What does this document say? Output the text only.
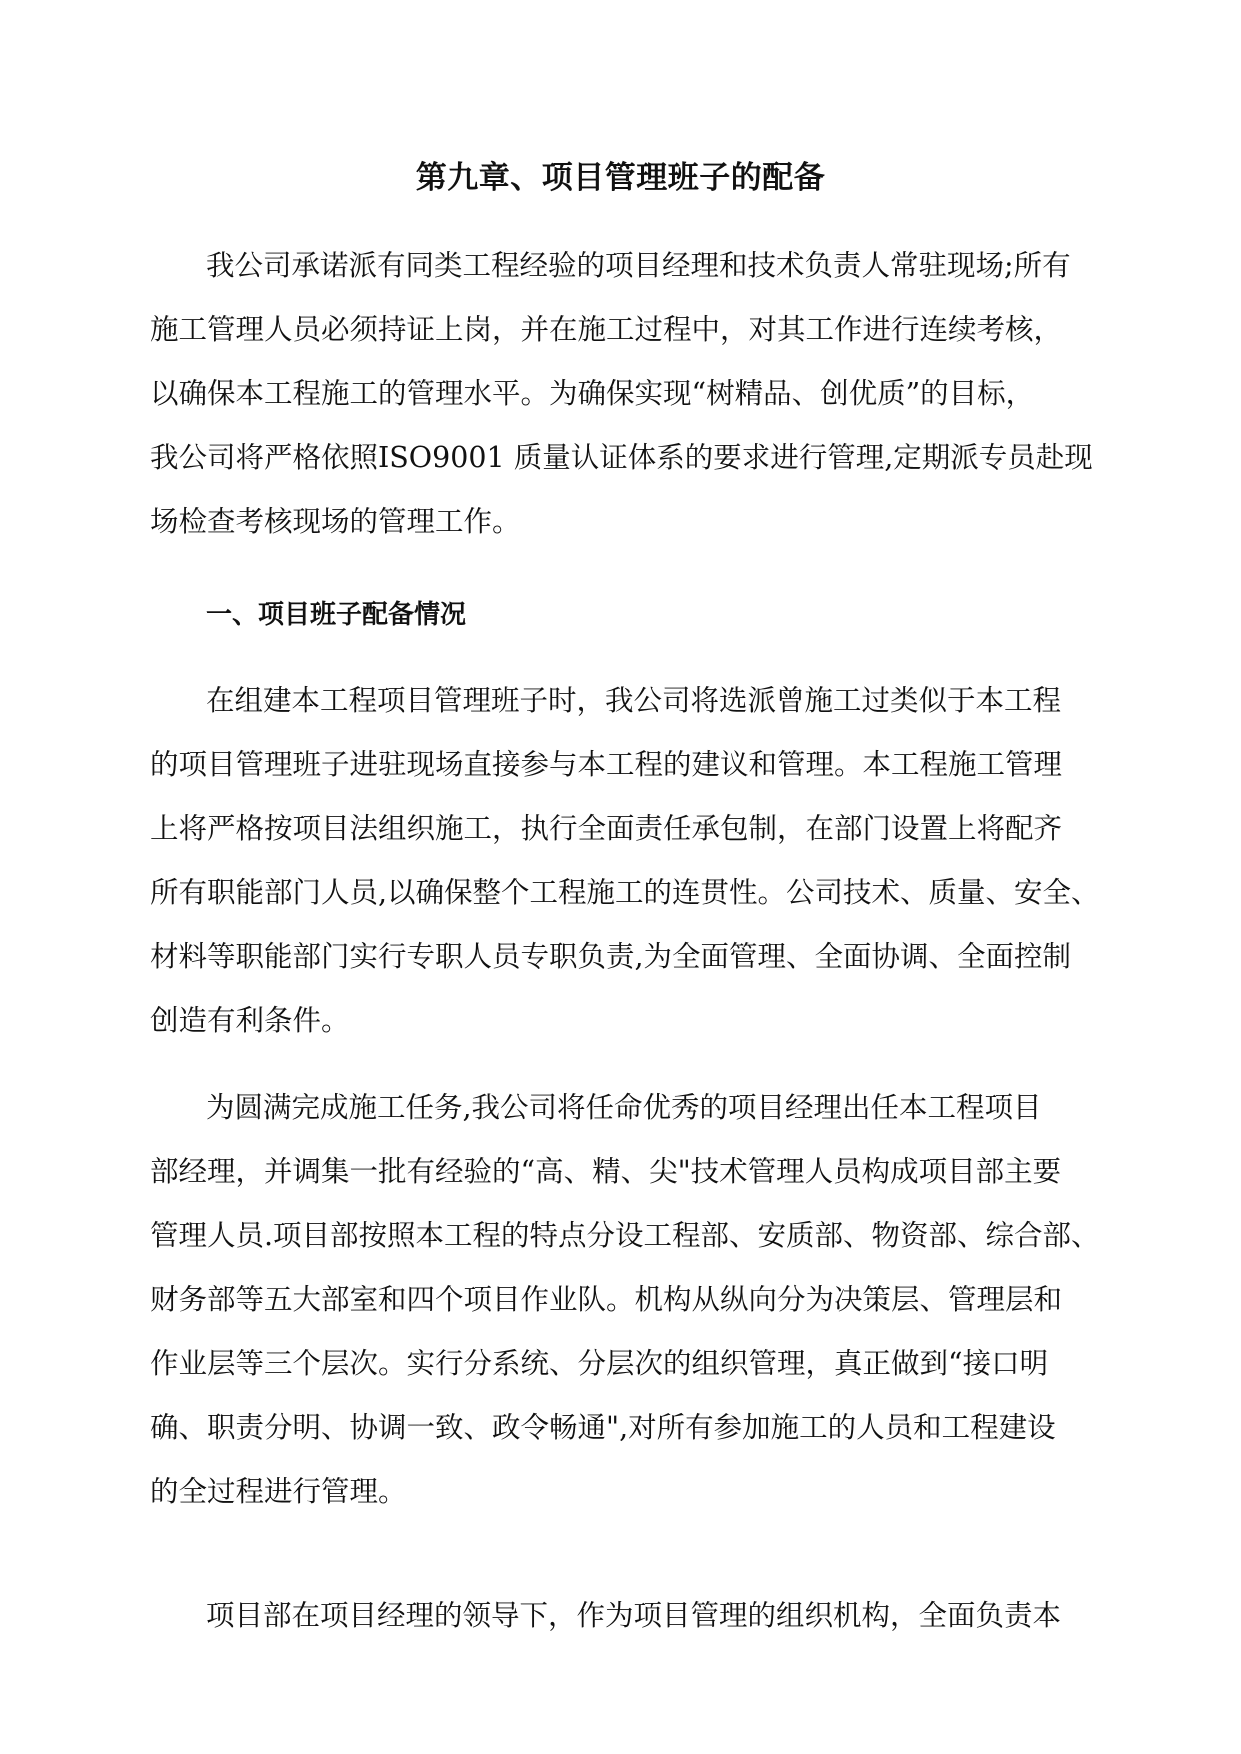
第九章、项目管理班子的配备
我公司承诺派有同类工程经验的项目经理和技术负责人常驻现场;所有
施工管理人员必须持证上岗，并在施工过程中，对其工作进行连续考核，
以确保本工程施工的管理水平。为确保实现“树精品、创优质”的目标，
我公司将严格依照ISO9001 质量认证体系的要求进行管理,定期派专员赴现
场检查考核现场的管理工作。
一、项目班子配备情况
在组建本工程项目管理班子时，我公司将选派曾施工过类似于本工程
的项目管理班子进驻现场直接参与本工程的建议和管理。本工程施工管理
上将严格按项目法组织施工，执行全面责任承包制，在部门设置上将配齐
所有职能部门人员,以确保整个工程施工的连贯性。公司技术、质量、安全、
材料等职能部门实行专职人员专职负责,为全面管理、全面协调、全面控制
创造有利条件。
为圆满完成施工任务,我公司将任命优秀的项目经理出任本工程项目
部经理，并调集一批有经验的“高、精、尖"技术管理人员构成项目部主要
管理人员.项目部按照本工程的特点分设工程部、安质部、物资部、综合部、
财务部等五大部室和四个项目作业队。机构从纵向分为决策层、管理层和
作业层等三个层次。实行分系统、分层次的组织管理，真正做到“接口明
确、职责分明、协调一致、政令畅通",对所有参加施工的人员和工程建设
的全过程进行管理。
项目部在项目经理的领导下，作为项目管理的组织机构，全面负责本
